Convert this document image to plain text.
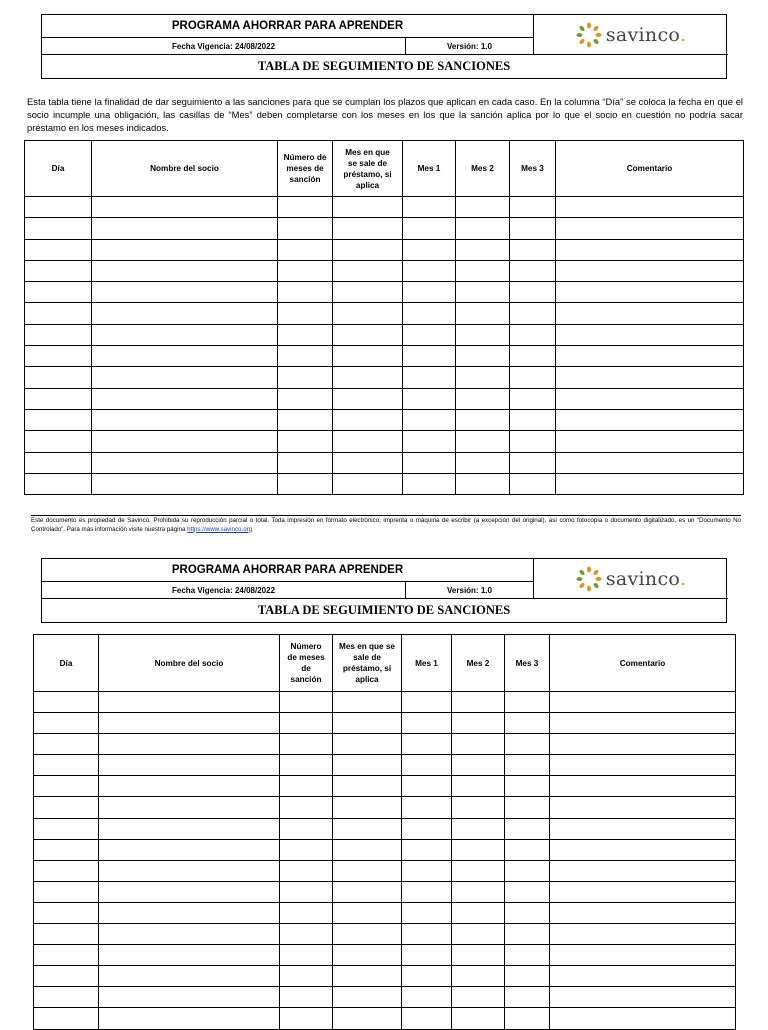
PROGRAMA AHORRAR PARA APRENDER
Fecha Vigencia: 24/08/2022	Versión: 1.0
savinco.
TABLA DE SEGUIMIENTO DE SANCIONES
Esta tabla tiene la finalidad de dar seguimiento a las sanciones para que se cumplan los plazos que aplican en cada caso. En la columna “Día” se coloca la fecha en que el socio incumple una obligación, las casillas de “Mes” deben completarse con los meses en los que la sanción aplica por lo que el socio en cuestión no podría sacar préstamo en los meses indicados.
Día	Nombre del socio	Número de meses de sanción	Mes en que se sale de préstamo, si aplica	Mes 1	Mes 2	Mes 3	Comentario

Este documento es propiedad de Savinco. Prohibida su reproducción parcial o total. Toda impresión en formato electrónico, imprenta o máquina de escribir (a excepción del original), así como fotocopia o documento digitalizado, es un “Documento No Controlado”. Para más información visite nuestra página https://www.savinco.org
PROGRAMA AHORRAR PARA APRENDER
Fecha Vigencia: 24/08/2022	Versión: 1.0
savinco.
TABLA DE SEGUIMIENTO DE SANCIONES
Día	Nombre del socio	Número de meses de sanción	Mes en que se sale de préstamo, si aplica	Mes 1	Mes 2	Mes 3	Comentario
